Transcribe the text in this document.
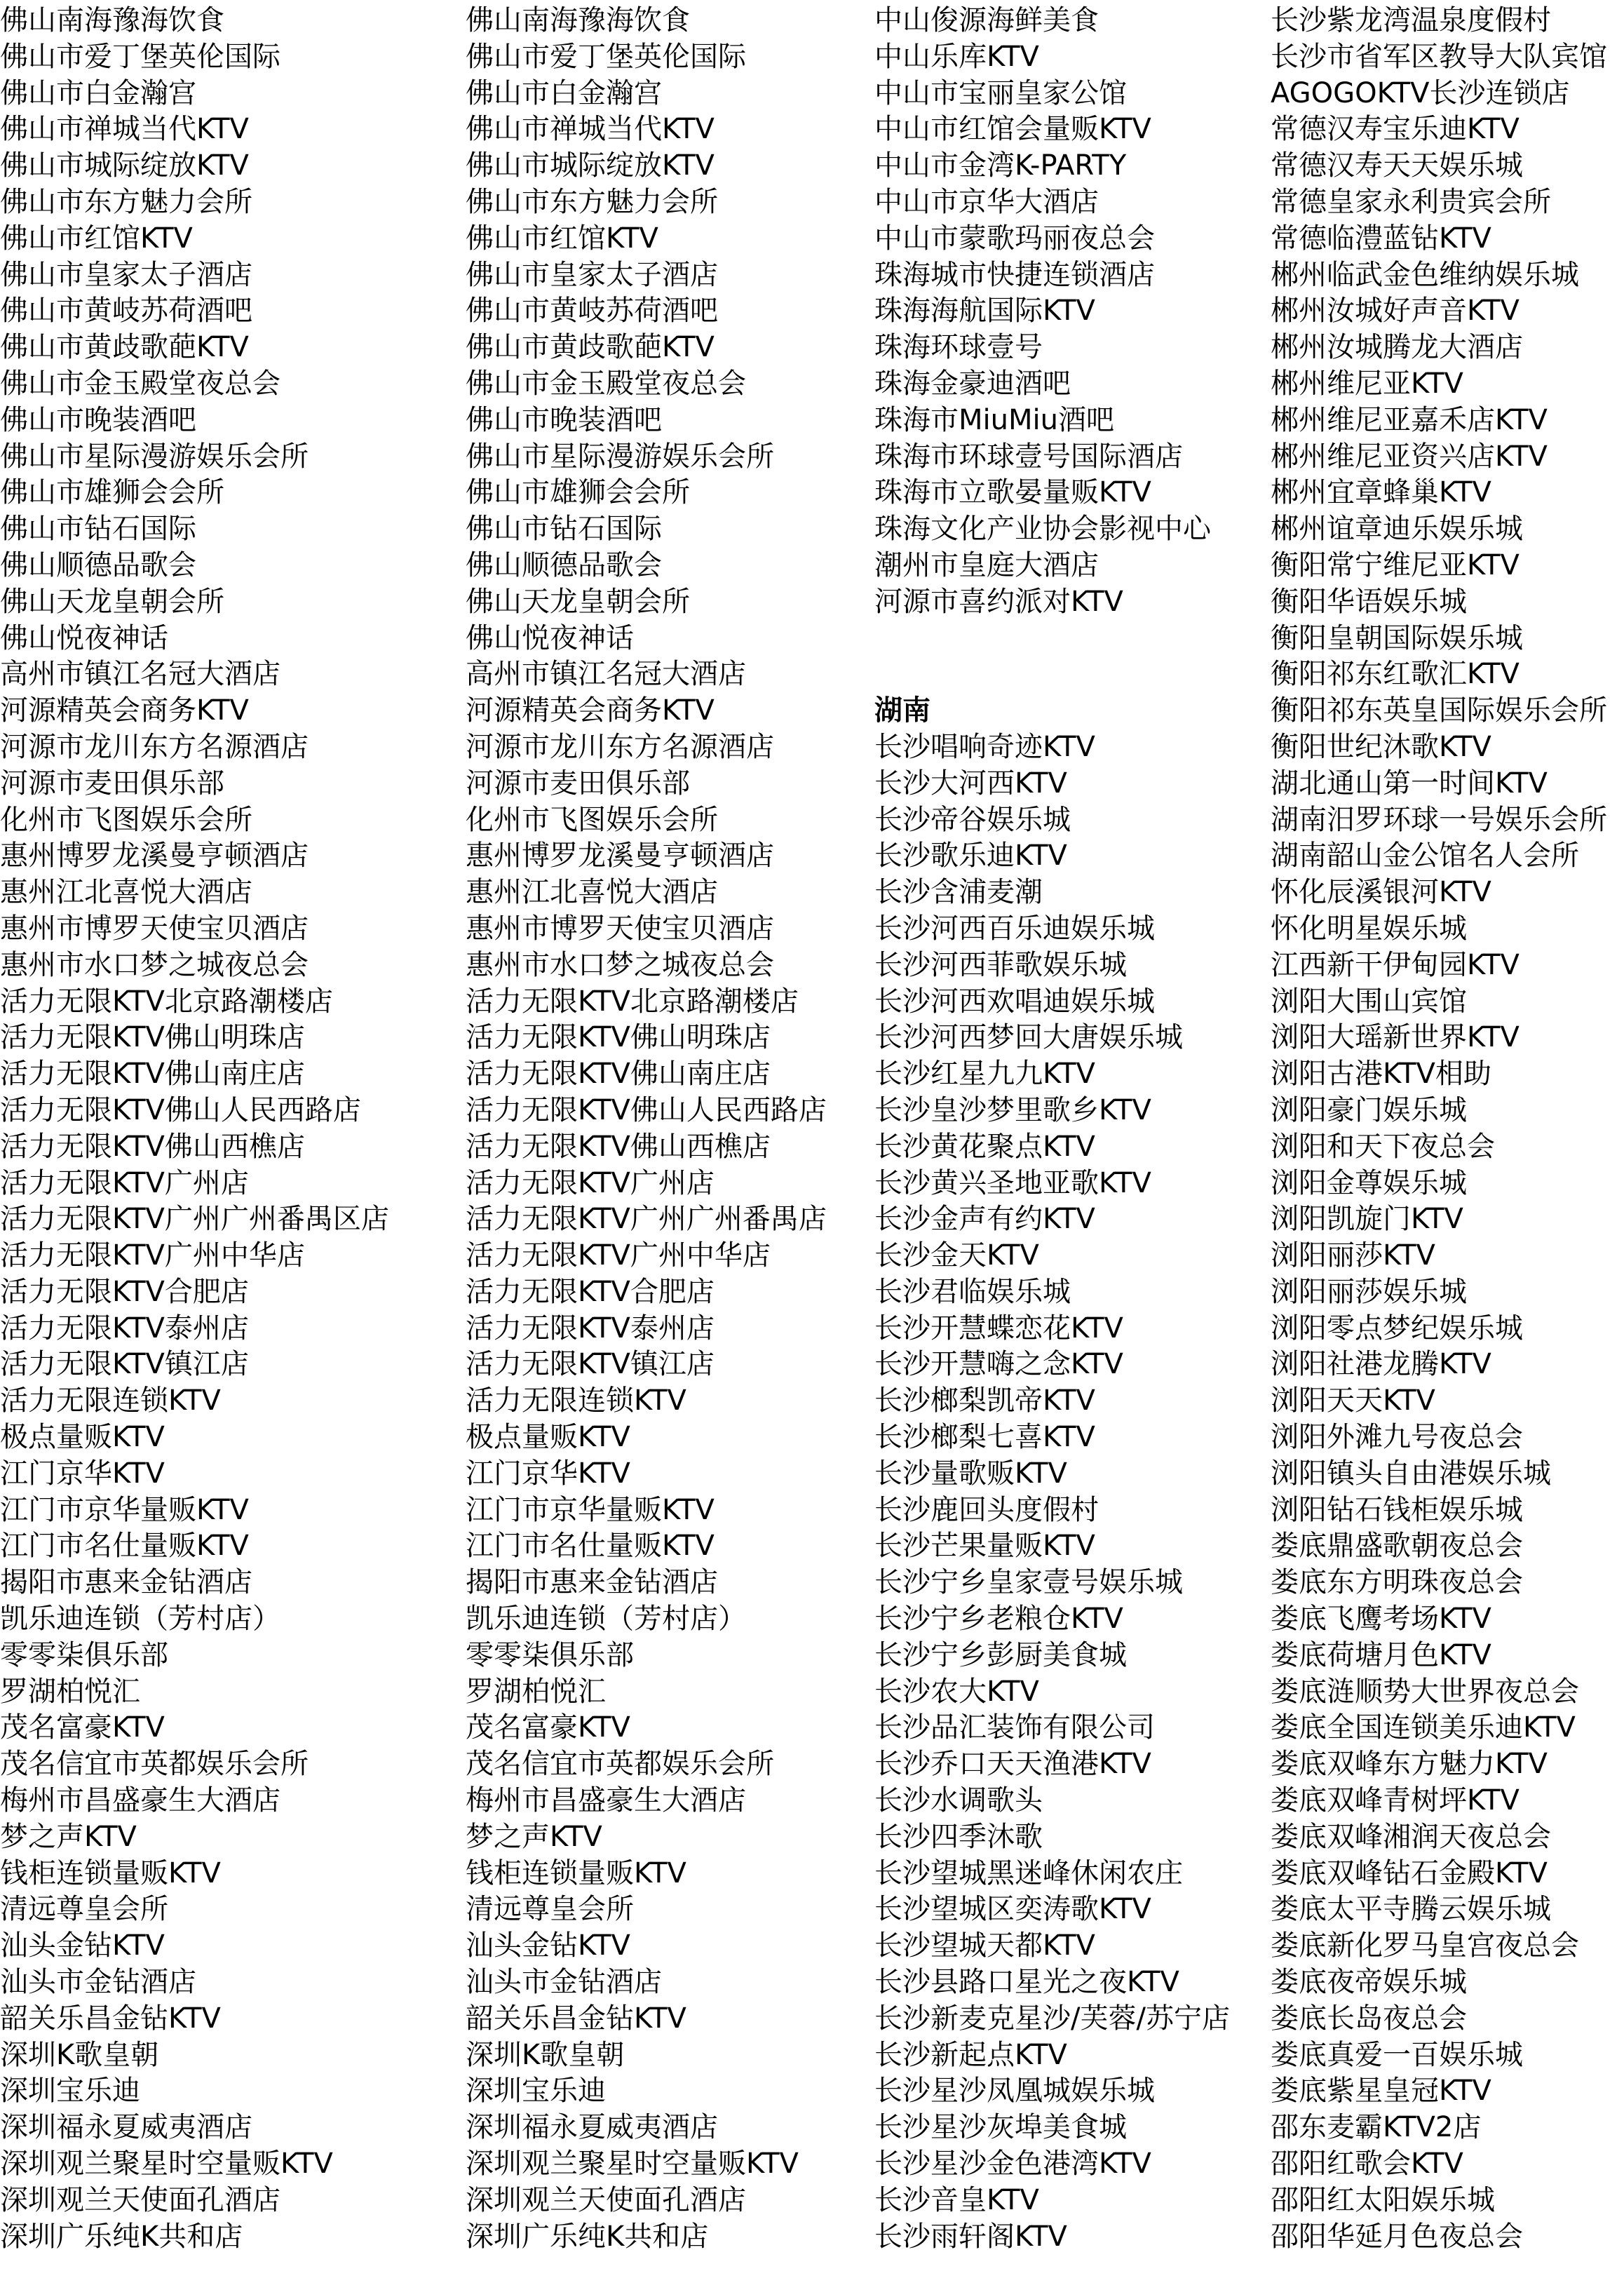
佛山南海豫海饮食
佛山市爱丁堡英伦国际
佛山市白金瀚宫
佛山市禅城当代KTV
佛山市城际绽放KTV
佛山市东方魅力会所
佛山市红馆KTV
佛山市皇家太子酒店
佛山市黄岐苏荷酒吧
佛山市黄歧歌葩KTV
佛山市金玉殿堂夜总会
佛山市晚装酒吧
佛山市星际漫游娱乐会所
佛山市雄狮会会所
佛山市钻石国际
佛山顺德品歌会
佛山天龙皇朝会所
佛山悦夜神话
高州市镇江名冠大酒店
河源精英会商务KTV
河源市龙川东方名源酒店
河源市麦田俱乐部
化州市飞图娱乐会所
惠州博罗龙溪曼亨顿酒店
惠州江北喜悦大酒店
惠州市博罗天使宝贝酒店
惠州市水口梦之城夜总会
活力无限KTV北京路潮楼店
活力无限KTV佛山明珠店
活力无限KTV佛山南庄店
活力无限KTV佛山人民西路店
活力无限KTV佛山西樵店
活力无限KTV广州店
活力无限KTV广州广州番禺区店
活力无限KTV广州中华店
活力无限KTV合肥店
活力无限KTV泰州店
活力无限KTV镇江店
活力无限连锁KTV
极点量贩KTV
江门京华KTV
江门市京华量贩KTV
江门市名仕量贩KTV
揭阳市惠来金钻酒店
凯乐迪连锁（芳村店）
零零柒俱乐部
罗湖柏悦汇
茂名富豪KTV
茂名信宜市英都娱乐会所
梅州市昌盛豪生大酒店
梦之声KTV
钱柜连锁量贩KTV
清远尊皇会所
汕头金钻KTV
汕头市金钻酒店
韶关乐昌金钻KTV
深圳K歌皇朝
深圳宝乐迪
深圳福永夏威夷酒店
深圳观兰聚星时空量贩KTV
深圳观兰天使面孔酒店
深圳广乐纯K共和店
佛山南海豫海饮食
佛山市爱丁堡英伦国际
佛山市白金瀚宫
佛山市禅城当代KTV
佛山市城际绽放KTV
佛山市东方魅力会所
佛山市红馆KTV
佛山市皇家太子酒店
佛山市黄岐苏荷酒吧
佛山市黄歧歌葩KTV
佛山市金玉殿堂夜总会
佛山市晚装酒吧
佛山市星际漫游娱乐会所
佛山市雄狮会会所
佛山市钻石国际
佛山顺德品歌会
佛山天龙皇朝会所
佛山悦夜神话
高州市镇江名冠大酒店
河源精英会商务KTV
河源市龙川东方名源酒店
河源市麦田俱乐部
化州市飞图娱乐会所
惠州博罗龙溪曼亨顿酒店
惠州江北喜悦大酒店
惠州市博罗天使宝贝酒店
惠州市水口梦之城夜总会
活力无限KTV北京路潮楼店
活力无限KTV佛山明珠店
活力无限KTV佛山南庄店
活力无限KTV佛山人民西路店
活力无限KTV佛山西樵店
活力无限KTV广州店
活力无限KTV广州广州番禺店
活力无限KTV广州中华店
活力无限KTV合肥店
活力无限KTV泰州店
活力无限KTV镇江店
活力无限连锁KTV
极点量贩KTV
江门京华KTV
江门市京华量贩KTV
江门市名仕量贩KTV
揭阳市惠来金钻酒店
凯乐迪连锁（芳村店）
零零柒俱乐部
罗湖柏悦汇
茂名富豪KTV
茂名信宜市英都娱乐会所
梅州市昌盛豪生大酒店
梦之声KTV
钱柜连锁量贩KTV
清远尊皇会所
汕头金钻KTV
汕头市金钻酒店
韶关乐昌金钻KTV
深圳K歌皇朝
深圳宝乐迪
深圳福永夏威夷酒店
深圳观兰聚星时空量贩KTV
深圳观兰天使面孔酒店
深圳广乐纯K共和店
中山俊源海鲜美食
中山乐库KTV
中山市宝丽皇家公馆
中山市红馆会量贩KTV
中山市金湾K-PARTY
中山市京华大酒店
中山市蒙歌玛丽夜总会
珠海城市快捷连锁酒店
珠海海航国际KTV
珠海环球壹号
珠海金豪迪酒吧
珠海市MiuMiu酒吧
珠海市环球壹号国际酒店
珠海市立歌晏量贩KTV
珠海文化产业协会影视中心
潮州市皇庭大酒店
河源市喜约派对KTV
湖南
长沙唱响奇迹KTV
长沙大河西KTV
长沙帝谷娱乐城
长沙歌乐迪KTV
长沙含浦麦潮
长沙河西百乐迪娱乐城
长沙河西菲歌娱乐城
长沙河西欢唱迪娱乐城
长沙河西梦回大唐娱乐城
长沙红星九九KTV
长沙皇沙梦里歌乡KTV
长沙黄花聚点KTV
长沙黄兴圣地亚歌KTV
长沙金声有约KTV
长沙金天KTV
长沙君临娱乐城
长沙开慧蝶恋花KTV
长沙开慧嗨之念KTV
长沙榔梨凯帝KTV
长沙榔梨七喜KTV
长沙量歌贩KTV
长沙鹿回头度假村
长沙芒果量贩KTV
长沙宁乡皇家壹号娱乐城
长沙宁乡老粮仓KTV
长沙宁乡彭厨美食城
长沙农大KTV
长沙品汇装饰有限公司
长沙乔口天天渔港KTV
长沙水调歌头
长沙四季沐歌
长沙望城黑迷峰休闲农庄
长沙望城区奕涛歌KTV
长沙望城天都KTV
长沙县路口星光之夜KTV
长沙新麦克星沙/芙蓉/苏宁店
长沙新起点KTV
长沙星沙凤凰城娱乐城
长沙星沙灰埠美食城
长沙星沙金色港湾KTV
长沙音皇KTV
长沙雨轩阁KTV
长沙紫龙湾温泉度假村
长沙市省军区教导大队宾馆
AGOGOKTV长沙连锁店
常德汉寿宝乐迪KTV
常德汉寿天天娱乐城
常德皇家永利贵宾会所
常德临澧蓝钻KTV
郴州临武金色维纳娱乐城
郴州汝城好声音KTV
郴州汝城腾龙大酒店
郴州维尼亚KTV
郴州维尼亚嘉禾店KTV
郴州维尼亚资兴店KTV
郴州宜章蜂巢KTV
郴州谊章迪乐娱乐城
衡阳常宁维尼亚KTV
衡阳华语娱乐城
衡阳皇朝国际娱乐城
衡阳祁东红歌汇KTV
衡阳祁东英皇国际娱乐会所
衡阳世纪沐歌KTV
湖北通山第一时间KTV
湖南汨罗环球一号娱乐会所
湖南韶山金公馆名人会所
怀化辰溪银河KTV
怀化明星娱乐城
江西新干伊甸园KTV
浏阳大围山宾馆
浏阳大瑶新世界KTV
浏阳古港KTV相助
浏阳豪门娱乐城
浏阳和天下夜总会
浏阳金尊娱乐城
浏阳凯旋门KTV
浏阳丽莎KTV
浏阳丽莎娱乐城
浏阳零点梦纪娱乐城
浏阳社港龙腾KTV
浏阳天天KTV
浏阳外滩九号夜总会
浏阳镇头自由港娱乐城
浏阳钻石钱柜娱乐城
娄底鼎盛歌朝夜总会
娄底东方明珠夜总会
娄底飞鹰考场KTV
娄底荷塘月色KTV
娄底涟顺势大世界夜总会
娄底全国连锁美乐迪KTV
娄底双峰东方魅力KTV
娄底双峰青树坪KTV
娄底双峰湘润天夜总会
娄底双峰钻石金殿KTV
娄底太平寺腾云娱乐城
娄底新化罗马皇宫夜总会
娄底夜帝娱乐城
娄底长岛夜总会
娄底真爱一百娱乐城
娄底紫星皇冠KTV
邵东麦霸KTV2店
邵阳红歌会KTV
邵阳红太阳娱乐城
邵阳华延月色夜总会
